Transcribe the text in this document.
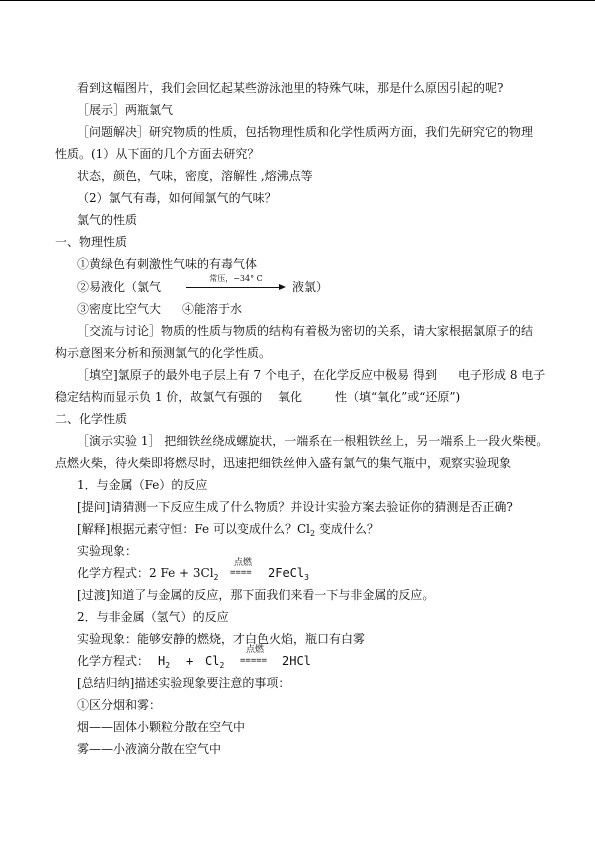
看到这幅图片，我们会回忆起某些游泳池里的特殊气味，那是什么原因引起的呢?
［展示］两瓶氯气
［问题解决］研究物质的性质，包括物理性质和化学性质两方面，我们先研究它的物理
性质。(1）从下面的几个方面去研究？
状态，颜色，气味，密度，溶解性 ,熔沸点等
（2）氯气有毒，如何闻氯气的气味？
氯气的性质
一、物理性质
①黄绿色有刺激性气味的有毒气体
②易液化（氯气
常压，−34° C
液氯）
③密度比空气大 ④能溶于水
［交流与讨论］物质的性质与物质的结构有着极为密切的关系，请大家根据氯原子的结
构示意图来分析和预测氯气的化学性质。
［填空]氯原子的最外电子层上有 7 个电子，在化学反应中极易 得到 电子形成 8 电子
稳定结构而显示负 1 价，故氯气有强的 氧化	性（填“氧化”或“还原”)
二、化学性质
［演示实验 1］ 把细铁丝绕成螺旋状，一端系在一根粗铁丝上，另一端系上一段火柴梗。
点燃火柴，待火柴即将燃尽时，迅速把细铁丝伸入盛有氯气的集气瓶中，观察实验现象
1．与金属（Fe）的反应
[提问]请猜测一下反应生成了什么物质？并设计实验方案去验证你的猜测是否正确?
[解释]根据元素守恒：Fe 可以变成什么？$Cl_2$ 变成什么？
实验现象：
化学方程式：2 $Fe + 3Cl_2$
点燃
==== 2FeCl$_3$
[过渡]知道了与金属的反应，那下面我们来看一下与非金属的反应。
2．与非金属（氢气）的反应
实验现象：能够安静的燃烧，才白色火焰，瓶口有白雾
化学方程式： $H_2 + Cl_2$
点燃
===== 2HCl
[总结归纳]描述实验现象要注意的事项：
①区分烟和雾：
烟——固体小颗粒分散在空气中
雾——小液滴分散在空气中
